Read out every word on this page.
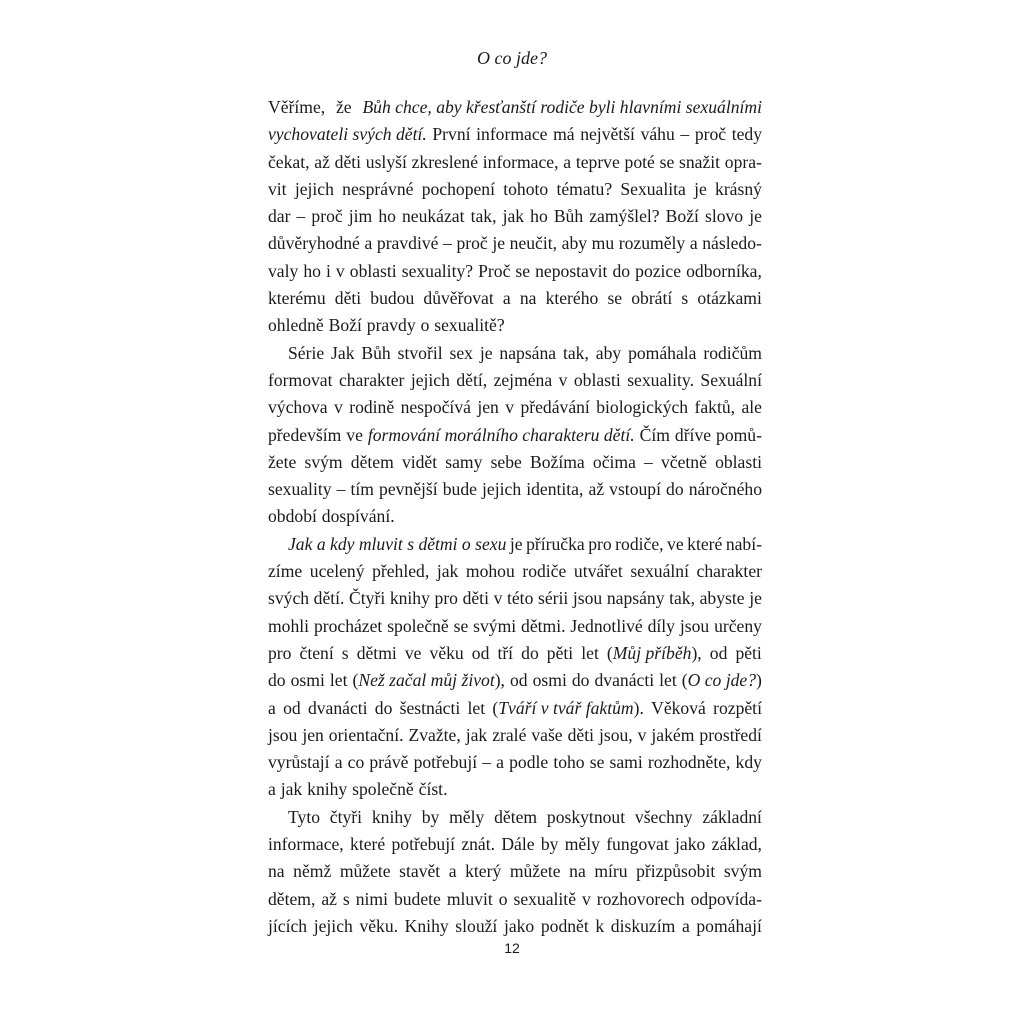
O co jde?
Věříme, že Bůh chce, aby křesťanští rodiče byli hlavními sexuálními
vychovateli svých dětí. První informace má největší váhu – proč tedy
čekat, až děti uslyší zkreslené informace, a teprve poté se snažit opra-
vit jejich nesprávné pochopení tohoto tématu? Sexualita je krásný
dar – proč jim ho neukázat tak, jak ho Bůh zamýšlel? Boží slovo je
důvěryhodné a pravdivé – proč je neučit, aby mu rozuměly a následo-
valy ho i v oblasti sexuality? Proč se nepostavit do pozice odborníka,
kterému děti budou důvěřovat a na kterého se obrátí s otázkami
ohledně Boží pravdy o sexualitě?
Série Jak Bůh stvořil sex je napsána tak, aby pomáhala rodičům
formovat charakter jejich dětí, zejména v oblasti sexuality. Sexuální
výchova v rodině nespočívá jen v předávání biologických faktů, ale
především ve formování morálního charakteru dětí. Čím dříve pomů-
žete svým dětem vidět samy sebe Božíma očima – včetně oblasti
sexuality – tím pevnější bude jejich identita, až vstoupí do náročného
období dospívání.
Jak a kdy mluvit s dětmi o sexu je příručka pro rodiče, ve které nabí-
zíme ucelený přehled, jak mohou rodiče utvářet sexuální charakter
svých dětí. Čtyři knihy pro děti v této sérii jsou napsány tak, abyste je
mohli procházet společně se svými dětmi. Jednotlivé díly jsou určeny
pro čtení s dětmi ve věku od tří do pěti let (Můj příběh), od pěti
do osmi let (Než začal můj život), od osmi do dvanácti let (O co jde?)
a od dvanácti do šestnácti let (Tváří v tvář faktům). Věková rozpětí
jsou jen orientační. Zvažte, jak zralé vaše děti jsou, v jakém prostředí
vyrůstají a co právě potřebují – a podle toho se sami rozhodněte, kdy
a jak knihy společně číst.
Tyto čtyři knihy by měly dětem poskytnout všechny základní
informace, které potřebují znát. Dále by měly fungovat jako základ,
na němž můžete stavět a který můžete na míru přizpůsobit svým
dětem, až s nimi budete mluvit o sexualitě v rozhovorech odpovída-
jících jejich věku. Knihy slouží jako podnět k diskuzím a pomáhají
12
